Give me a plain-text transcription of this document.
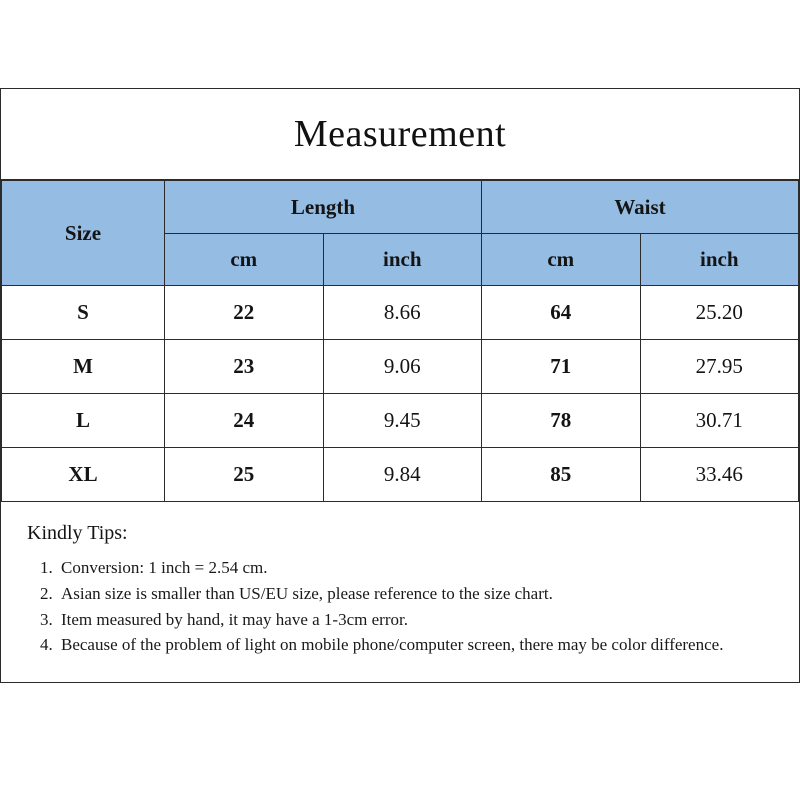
Measurement
Size	Length		Waist	
	cm	inch	cm	inch
S	22	8.66	64	25.20
M	23	9.06	71	27.95
L	24	9.45	78	30.71
XL	25	9.84	85	33.46
Kindly Tips:
1. Conversion: 1 inch = 2.54 cm.
2. Asian size is smaller than US/EU size, please reference to the size chart.
3. Item measured by hand, it may have a 1-3cm error.
4. Because of the problem of light on mobile phone/computer screen, there may be color difference.
